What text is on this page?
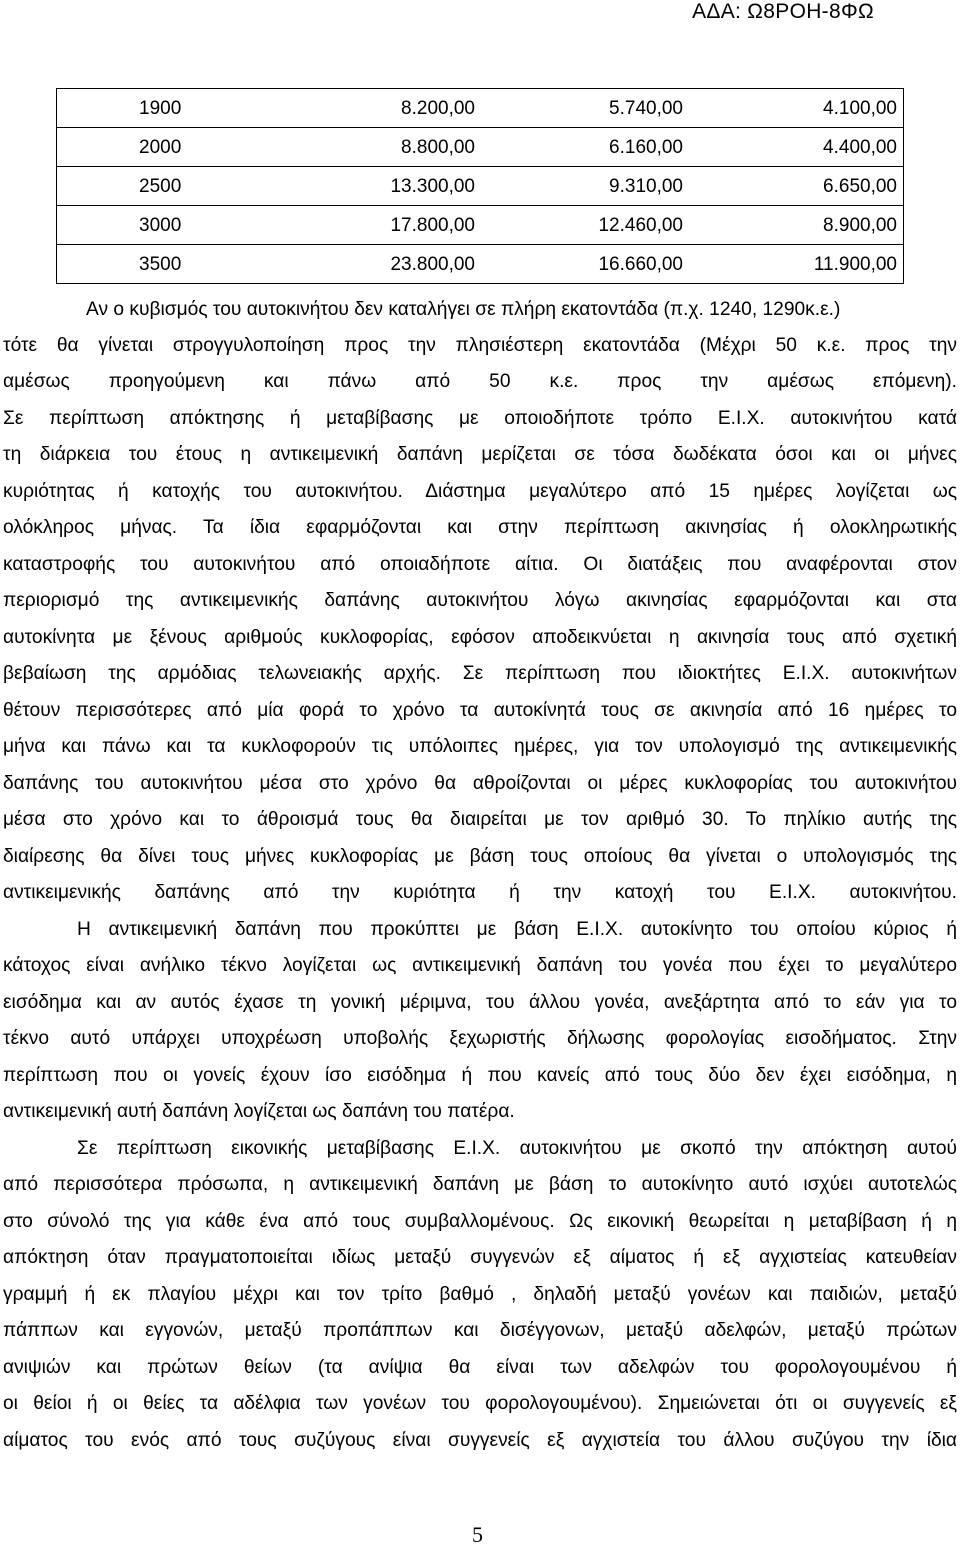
ΑΔΑ: Ω8ΡΟΗ-8ΦΩ
1900	8.200,00	5.740,00	4.100,00

2000	8.800,00	6.160,00	4.400,00

2500	13.300,00	9.310,00	6.650,00

3000	17.800,00	12.460,00	8.900,00

3500	23.800,00	16.660,00	11.900,00
Αν ο κυβισμός του αυτοκινήτου δεν καταλήγει σε πλήρη εκατοντάδα (π.χ. 1240, 1290κ.ε.)
τότε θα γίνεται στρογγυλοποίηση προς την πλησιέστερη εκατοντάδα (Μέχρι 50 κ.ε. προς την
αμέσως προηγούμενη και πάνω από 50 κ.ε. προς την αμέσως επόμενη).
Σε περίπτωση απόκτησης ή μεταβίβασης με οποιοδήποτε τρόπο Ε.Ι.Χ. αυτοκινήτου κατά
τη διάρκεια του έτους η αντικειμενική δαπάνη μερίζεται σε τόσα δωδέκατα όσοι και οι μήνες
κυριότητας ή κατοχής του αυτοκινήτου. Διάστημα μεγαλύτερο από 15 ημέρες λογίζεται ως
ολόκληρος μήνας. Τα ίδια εφαρμόζονται και στην περίπτωση ακινησίας ή ολοκληρωτικής
καταστροφής του αυτοκινήτου από οποιαδήποτε αίτια. Οι διατάξεις που αναφέρονται στον
περιορισμό της αντικειμενικής δαπάνης αυτοκινήτου λόγω ακινησίας εφαρμόζονται και στα
αυτοκίνητα με ξένους αριθμούς κυκλοφορίας, εφόσον αποδεικνύεται η ακινησία τους από σχετική
βεβαίωση της αρμόδιας τελωνειακής αρχής. Σε περίπτωση που ιδιοκτήτες Ε.Ι.Χ. αυτοκινήτων
θέτουν περισσότερες από μία φορά το χρόνο τα αυτοκίνητά τους σε ακινησία από 16 ημέρες το
μήνα και πάνω και τα κυκλοφορούν τις υπόλοιπες ημέρες, για τον υπολογισμό της αντικειμενικής
δαπάνης του αυτοκινήτου μέσα στο χρόνο θα αθροίζονται οι μέρες κυκλοφορίας του αυτοκινήτου
μέσα στο χρόνο και το άθροισμά τους θα διαιρείται με τον αριθμό 30. Το πηλίκιο αυτής της
διαίρεσης θα δίνει τους μήνες κυκλοφορίας με βάση τους οποίους θα γίνεται ο υπολογισμός της
αντικειμενικής δαπάνης από την κυριότητα ή την κατοχή του Ε.Ι.Χ. αυτοκινήτου.
Η αντικειμενική δαπάνη που προκύπτει με βάση Ε.Ι.Χ. αυτοκίνητο του οποίου κύριος ή
κάτοχος είναι ανήλικο τέκνο λογίζεται ως αντικειμενική δαπάνη του γονέα που έχει το μεγαλύτερο
εισόδημα και αν αυτός έχασε τη γονική μέριμνα, του άλλου γονέα, ανεξάρτητα από το εάν για το
τέκνο αυτό υπάρχει υποχρέωση υποβολής ξεχωριστής δήλωσης φορολογίας εισοδήματος. Στην
περίπτωση που οι γονείς έχουν ίσο εισόδημα ή που κανείς από τους δύο δεν έχει εισόδημα, η
αντικειμενική αυτή δαπάνη λογίζεται ως δαπάνη του πατέρα.
Σε περίπτωση εικονικής μεταβίβασης Ε.Ι.Χ. αυτοκινήτου με σκοπό την απόκτηση αυτού
από περισσότερα πρόσωπα, η αντικειμενική δαπάνη με βάση το αυτοκίνητο αυτό ισχύει αυτοτελώς
στο σύνολό της για κάθε ένα από τους συμβαλλομένους. Ως εικονική θεωρείται η μεταβίβαση ή η
απόκτηση όταν πραγματοποιείται ιδίως μεταξύ συγγενών εξ αίματος ή εξ αγχιστείας κατευθείαν
γραμμή ή εκ πλαγίου μέχρι και τον τρίτο βαθμό , δηλαδή μεταξύ γονέων και παιδιών, μεταξύ
πάππων και εγγονών, μεταξύ προπάππων και δισέγγονων, μεταξύ αδελφών, μεταξύ πρώτων
ανιψιών και πρώτων θείων (τα ανίψια θα είναι των αδελφών του φορολογουμένου ή
οι θείοι ή οι θείες τα αδέλφια των γονέων του φορολογουμένου). Σημειώνεται ότι οι συγγενείς εξ
αίματος του ενός από τους συζύγους είναι συγγενείς εξ αγχιστεία του άλλου συζύγου την ίδια
5
